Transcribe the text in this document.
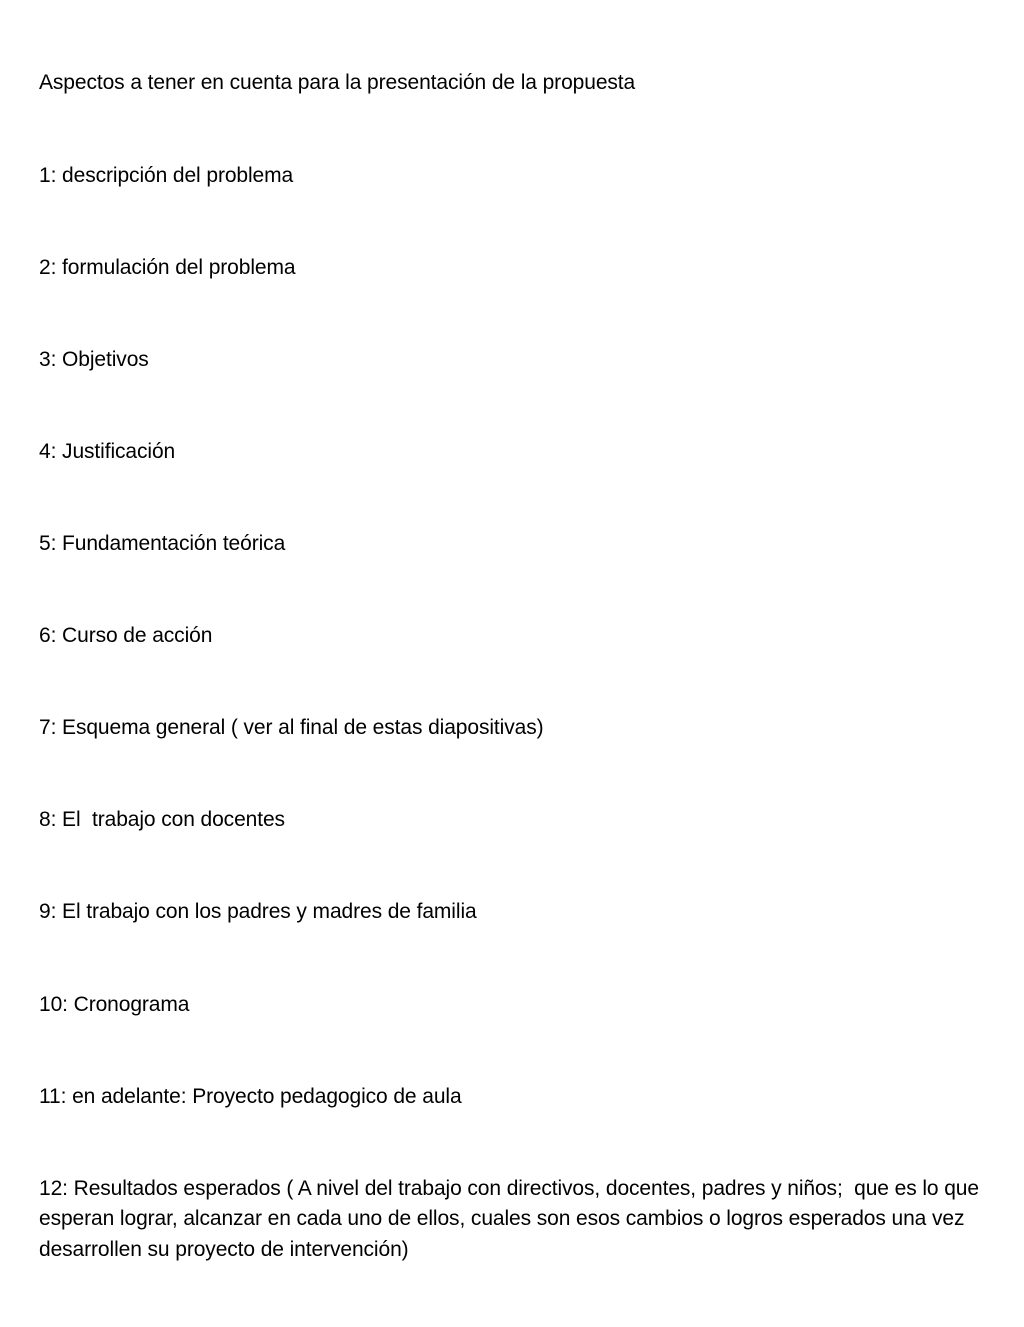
Aspectos a tener en cuenta para la presentación de la propuesta

1: descripción del problema

2: formulación del problema

3: Objetivos

4: Justificación

5: Fundamentación teórica

6: Curso de acción

7: Esquema general ( ver al final de estas diapositivas)

8: El  trabajo con docentes

9: El trabajo con los padres y madres de familia

10: Cronograma

11: en adelante: Proyecto pedagogico de aula

12: Resultados esperados ( A nivel del trabajo con directivos, docentes, padres y niños;  que es lo que esperan lograr, alcanzar en cada uno de ellos, cuales son esos cambios o logros esperados una vez desarrollen su proyecto de intervención)
